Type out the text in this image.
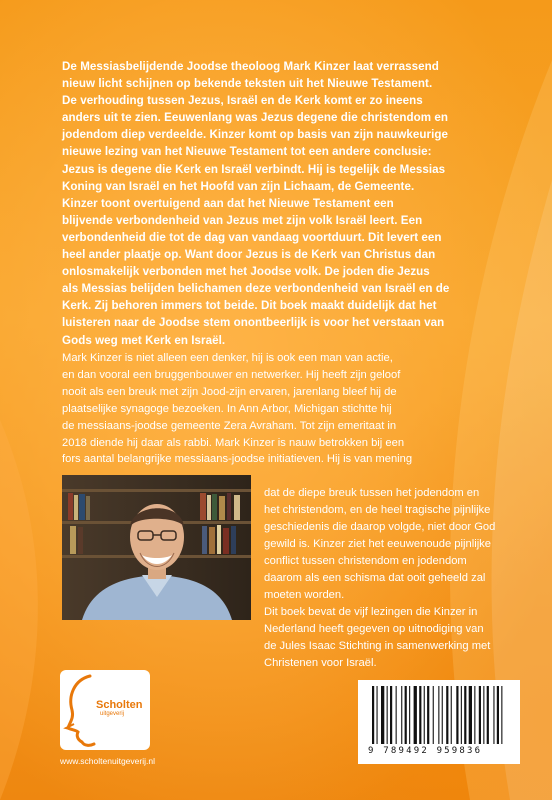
De Messiasbelijdende Joodse theoloog Mark Kinzer laat verrassend
nieuw licht schijnen op bekende teksten uit het Nieuwe Testament.
De verhouding tussen Jezus, Israël en de Kerk komt er zo ineens
anders uit te zien. Eeuwenlang was Jezus degene die christendom en
jodendom diep verdeelde. Kinzer komt op basis van zijn nauwkeurige
nieuwe lezing van het Nieuwe Testament tot een andere conclusie:
Jezus is degene die Kerk en Israël verbindt. Hij is tegelijk de Messias
Koning van Israël en het Hoofd van zijn Lichaam, de Gemeente.
Kinzer toont overtuigend aan dat het Nieuwe Testament een
blijvende verbondenheid van Jezus met zijn volk Israël leert. Een
verbondenheid die tot de dag van vandaag voortduurt. Dit levert een
heel ander plaatje op. Want door Jezus is de Kerk van Christus dan
onlosmakelijk verbonden met het Joodse volk. De joden die Jezus
als Messias belijden belichamen deze verbondenheid van Israël en de
Kerk. Zij behoren immers tot beide. Dit boek maakt duidelijk dat het
luisteren naar de Joodse stem onontbeerlijk is voor het verstaan van
Gods weg met Kerk en Israël.

Mark Kinzer is niet alleen een denker, hij is ook een man van actie,
en dan vooral een bruggenbouwer en netwerker. Hij heeft zijn geloof
nooit als een breuk met zijn Jood-zijn ervaren, jarenlang bleef hij de
plaatselijke synagoge bezoeken. In Ann Arbor, Michigan stichtte hij
de messiaans-joodse gemeente Zera Avraham. Tot zijn emeritaat in
2018 diende hij daar als rabbi. Mark Kinzer is nauw betrokken bij een
fors aantal belangrijke messiaans-joodse initiatieven. Hij is van mening

dat de diepe breuk tussen het jodendom en
het christendom, en de heel tragische pijnlijke
geschiedenis die daarop volgde, niet door God
gewild is. Kinzer ziet het eeuwenoude pijnlijke
conflict tussen christendom en jodendom
daarom als een schisma dat ooit geheeld zal

moeten worden.
Dit boek bevat de vijf lezingen die Kinzer in
Nederland heeft gegeven op uitnodiging van
de Jules Isaac Stichting in samenwerking met
Christenen voor Israël.

Scholten
uitgeverij
www.scholtenuitgeverij.nl
9 789492 959836
